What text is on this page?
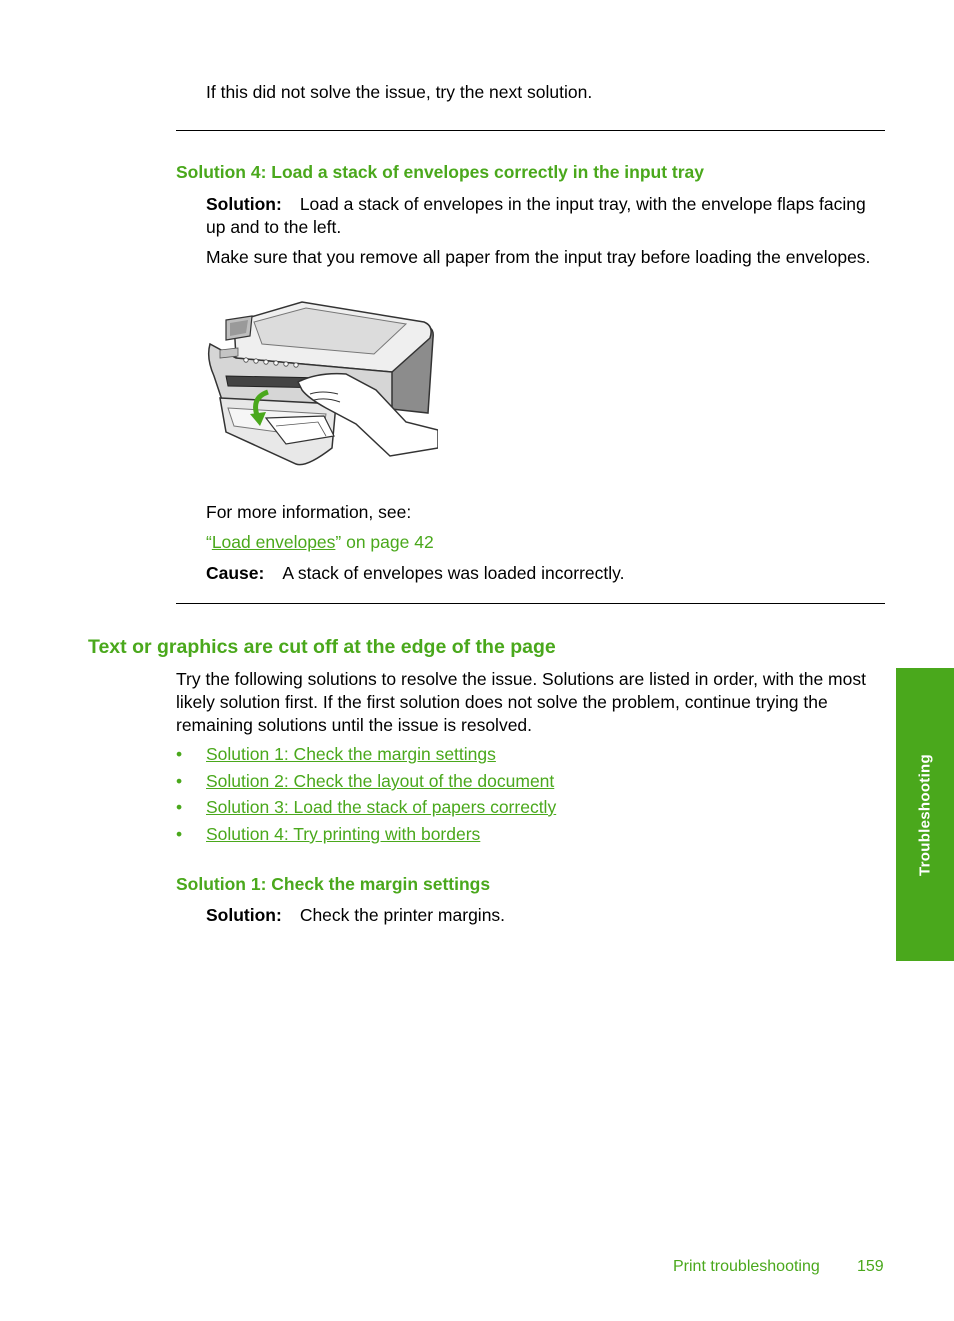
If this did not solve the issue, try the next solution.
Solution 4: Load a stack of envelopes correctly in the input tray
Solution: Load a stack of envelopes in the input tray, with the envelope flaps facing
up and to the left.
Make sure that you remove all paper from the input tray before loading the envelopes.
For more information, see:
“Load envelopes” on page 42
Cause: A stack of envelopes was loaded incorrectly.
Text or graphics are cut off at the edge of the page
Try the following solutions to resolve the issue. Solutions are listed in order, with the most
likely solution first. If the first solution does not solve the problem, continue trying the
remaining solutions until the issue is resolved.
• Solution 1: Check the margin settings
• Solution 2: Check the layout of the document
• Solution 3: Load the stack of papers correctly
• Solution 4: Try printing with borders
Solution 1: Check the margin settings
Solution: Check the printer margins.
Troubleshooting
Print troubleshooting 159
